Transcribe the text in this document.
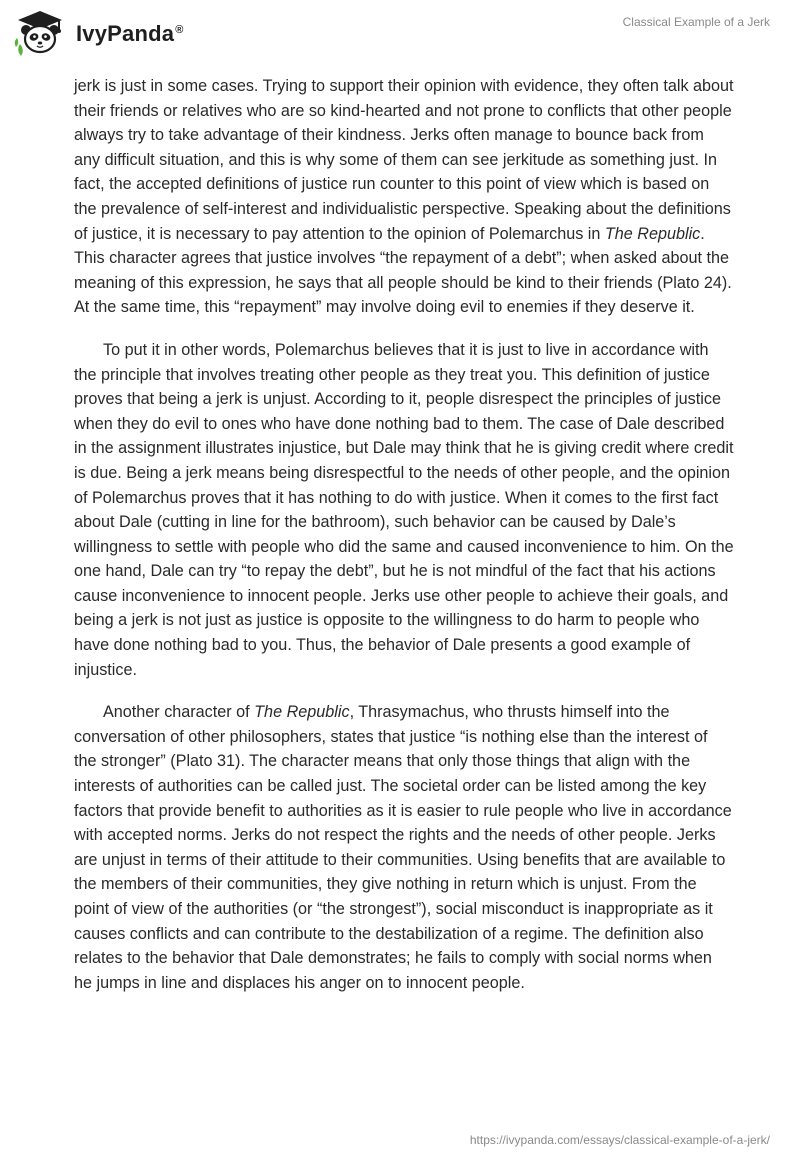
IvyPanda®
Classical Example of a Jerk

jerk is just in some cases. Trying to support their opinion with evidence, they often talk about their friends or relatives who are so kind-hearted and not prone to conflicts that other people always try to take advantage of their kindness. Jerks often manage to bounce back from any difficult situation, and this is why some of them can see jerkitude as something just. In fact, the accepted definitions of justice run counter to this point of view which is based on the prevalence of self-interest and individualistic perspective. Speaking about the definitions of justice, it is necessary to pay attention to the opinion of Polemarchus in The Republic. This character agrees that justice involves “the repayment of a debt”; when asked about the meaning of this expression, he says that all people should be kind to their friends (Plato 24). At the same time, this “repayment” may involve doing evil to enemies if they deserve it.

To put it in other words, Polemarchus believes that it is just to live in accordance with the principle that involves treating other people as they treat you. This definition of justice proves that being a jerk is unjust. According to it, people disrespect the principles of justice when they do evil to ones who have done nothing bad to them. The case of Dale described in the assignment illustrates injustice, but Dale may think that he is giving credit where credit is due. Being a jerk means being disrespectful to the needs of other people, and the opinion of Polemarchus proves that it has nothing to do with justice. When it comes to the first fact about Dale (cutting in line for the bathroom), such behavior can be caused by Dale’s willingness to settle with people who did the same and caused inconvenience to him. On the one hand, Dale can try “to repay the debt”, but he is not mindful of the fact that his actions cause inconvenience to innocent people. Jerks use other people to achieve their goals, and being a jerk is not just as justice is opposite to the willingness to do harm to people who have done nothing bad to you. Thus, the behavior of Dale presents a good example of injustice.

Another character of The Republic, Thrasymachus, who thrusts himself into the conversation of other philosophers, states that justice “is nothing else than the interest of the stronger” (Plato 31). The character means that only those things that align with the interests of authorities can be called just. The societal order can be listed among the key factors that provide benefit to authorities as it is easier to rule people who live in accordance with accepted norms. Jerks do not respect the rights and the needs of other people. Jerks are unjust in terms of their attitude to their communities. Using benefits that are available to the members of their communities, they give nothing in return which is unjust. From the point of view of the authorities (or “the strongest”), social misconduct is inappropriate as it causes conflicts and can contribute to the destabilization of a regime. The definition also relates to the behavior that Dale demonstrates; he fails to comply with social norms when he jumps in line and displaces his anger on to innocent people.

https://ivypanda.com/essays/classical-example-of-a-jerk/
